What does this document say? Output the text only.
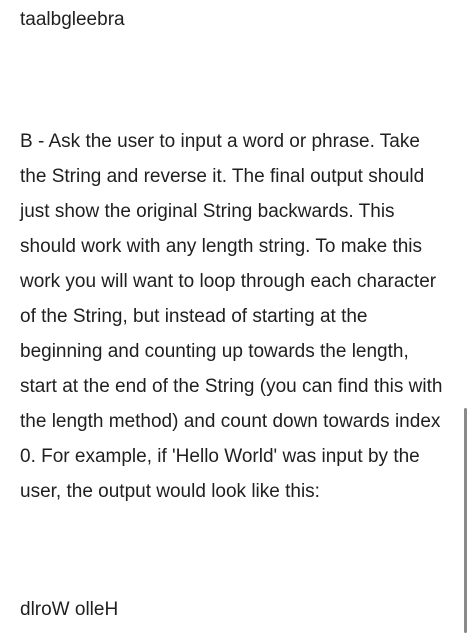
taalbgleebra

B - Ask the user to input a word or phrase. Take the String and reverse it. The final output should just show the original String backwards. This should work with any length string. To make this work you will want to loop through each character of the String, but instead of starting at the beginning and counting up towards the length, start at the end of the String (you can find this with the length method) and count down towards index 0. For example, if 'Hello World' was input by the user, the output would look like this:

dlroW olleH
